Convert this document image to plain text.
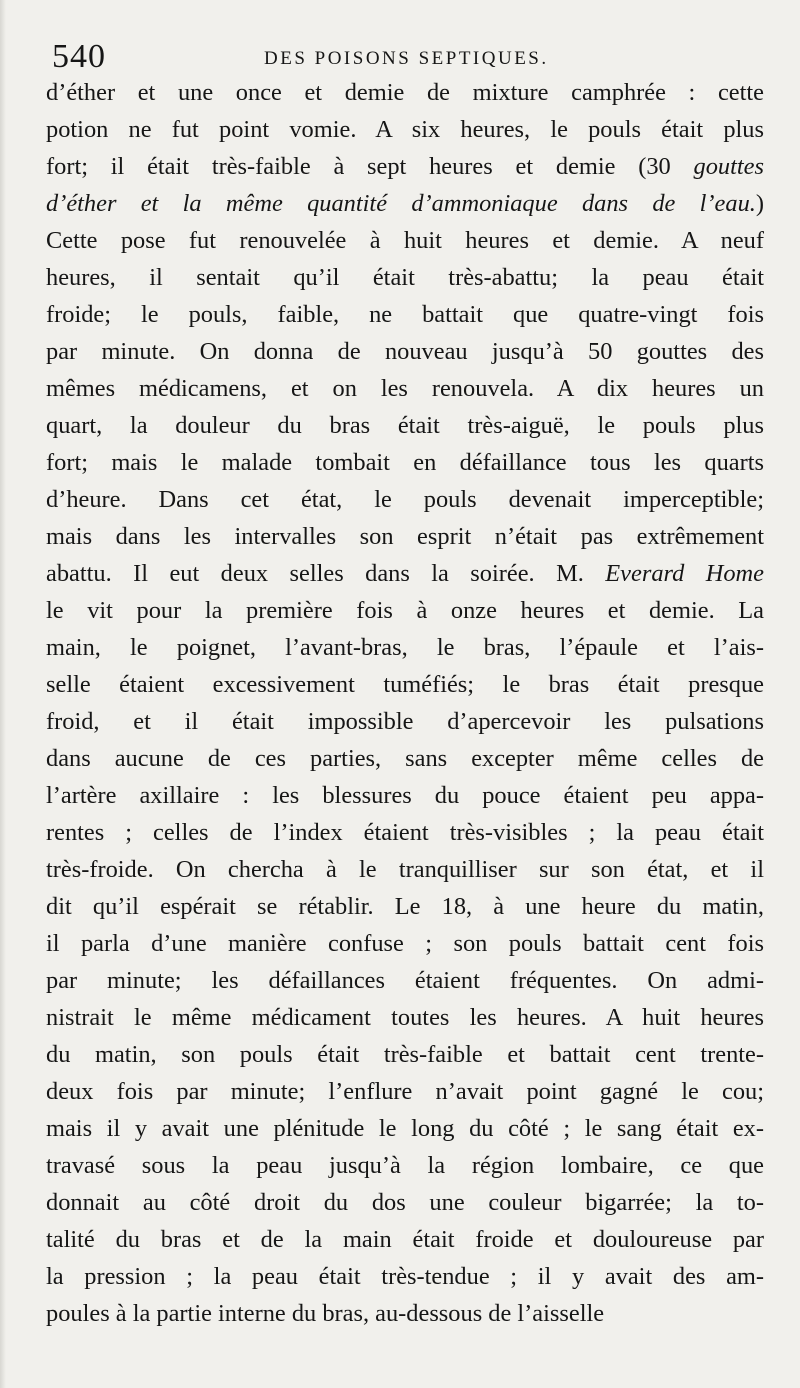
540	DES POISONS SEPTIQUES.
d’éther et une once et demie de mixture camphrée : cette
potion ne fut point vomie. A six heures, le pouls était plus
fort; il était très-faible à sept heures et demie (30 gouttes
d’éther et la même quantité d’ammoniaque dans de l’eau.)
Cette pose fut renouvelée à huit heures et demie. A neuf
heures, il sentait qu’il était très-abattu; la peau était
froide; le pouls, faible, ne battait que quatre-vingt fois
par minute. On donna de nouveau jusqu’à 50 gouttes des
mêmes médicamens, et on les renouvela. A dix heures un
quart, la douleur du bras était très-aiguë, le pouls plus
fort; mais le malade tombait en défaillance tous les quarts
d’heure. Dans cet état, le pouls devenait imperceptible;
mais dans les intervalles son esprit n’était pas extrêmement
abattu. Il eut deux selles dans la soirée. M. Everard Home
le vit pour la première fois à onze heures et demie. La
main, le poignet, l’avant-bras, le bras, l’épaule et l’ais-
selle étaient excessivement tuméfiés; le bras était presque
froid, et il était impossible d’apercevoir les pulsations
dans aucune de ces parties, sans excepter même celles de
l’artère axillaire : les blessures du pouce étaient peu appa-
rentes ; celles de l’index étaient très-visibles ; la peau était
très-froide. On chercha à le tranquilliser sur son état, et il
dit qu’il espérait se rétablir. Le 18, à une heure du matin,
il parla d’une manière confuse ; son pouls battait cent fois
par minute; les défaillances étaient fréquentes. On admi-
nistrait le même médicament toutes les heures. A huit heures
du matin, son pouls était très-faible et battait cent trente-
deux fois par minute; l’enflure n’avait point gagné le cou;
mais il y avait une plénitude le long du côté ; le sang était ex-
travasé sous la peau jusqu’à la région lombaire, ce que
donnait au côté droit du dos une couleur bigarrée; la to-
talité du bras et de la main était froide et douloureuse par
la pression ; la peau était très-tendue ; il y avait des am-
poules à la partie interne du bras, au-dessous de l’aisselle
